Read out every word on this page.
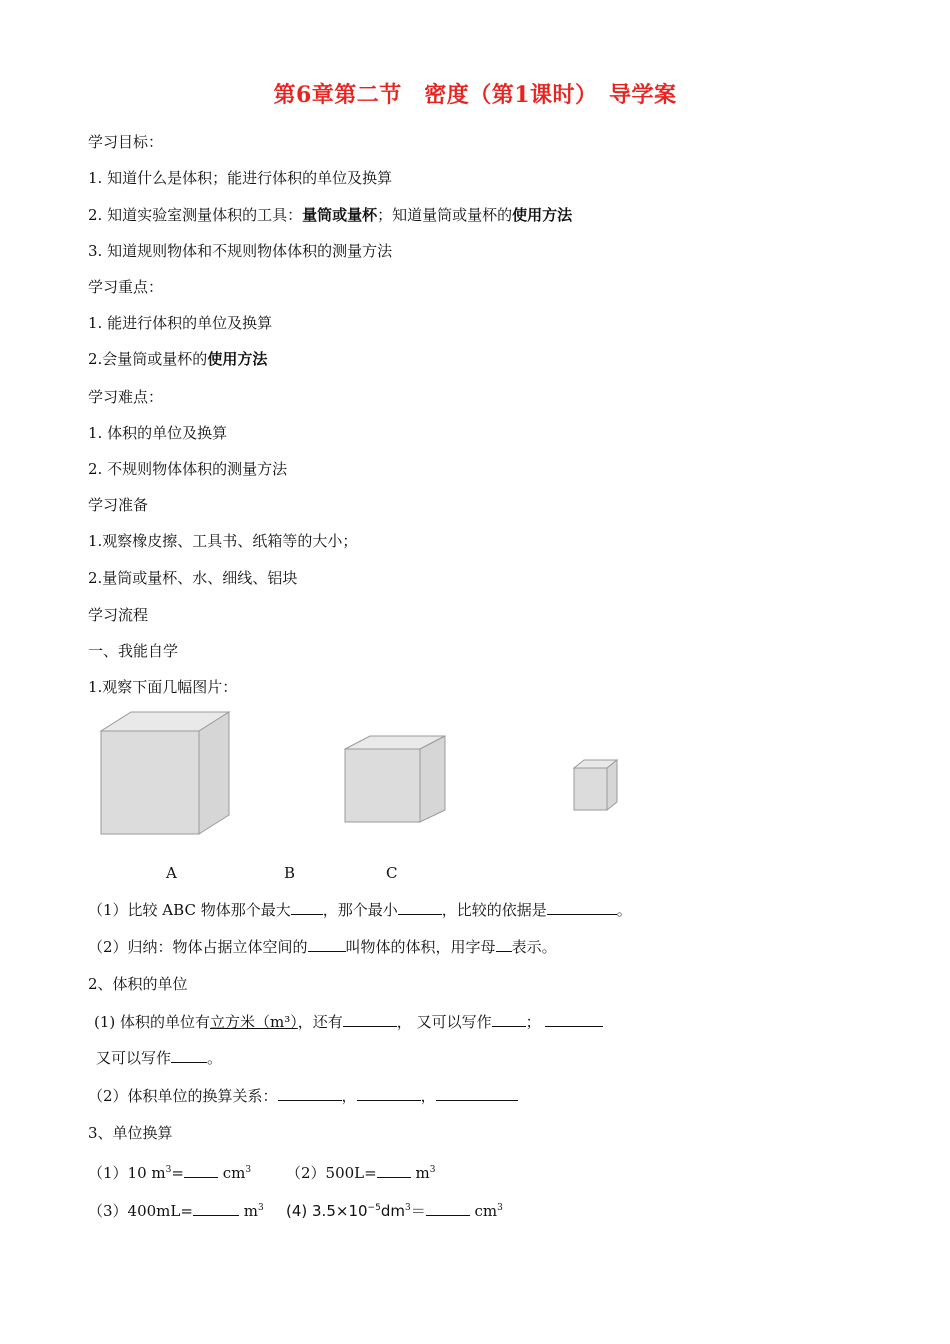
第6章第二节　密度（第1课时）　导学案
学习目标：
1. 知道什么是体积；能进行体积的单位及换算
2. 知道实验室测量体积的工具：量筒或量杯；知道量筒或量杯的使用方法
3. 知道规则物体和不规则物体体积的测量方法
学习重点：
1. 能进行体积的单位及换算
2.会量筒或量杯的使用方法
学习难点：
1. 体积的单位及换算
2. 不规则物体体积的测量方法
学习准备
1.观察橡皮擦、工具书、纸箱等的大小；
2.量筒或量杯、水、细线、铝块
学习流程
一、我能自学
1.观察下面几幅图片：
A	B	C
（1）比较 ABC 物体那个最大 ，那个最小	，比较的依据是	。
（2）归纳：物体占据立体空间的	叫物体的体积，用字母 表示。
2、体积的单位
(1) 体积的单位有立方米（m³），还有	， 又可以写作 ；
又可以写作 。
（2）体积单位的换算关系：	，	，
3、单位换算
（1）10 $m^3= cm^3$ $(2)500L= m^3$
（3）400mL=	$m^3$ (4) $3.5\times 10^{-5}dm^3=$	$cm^3$
